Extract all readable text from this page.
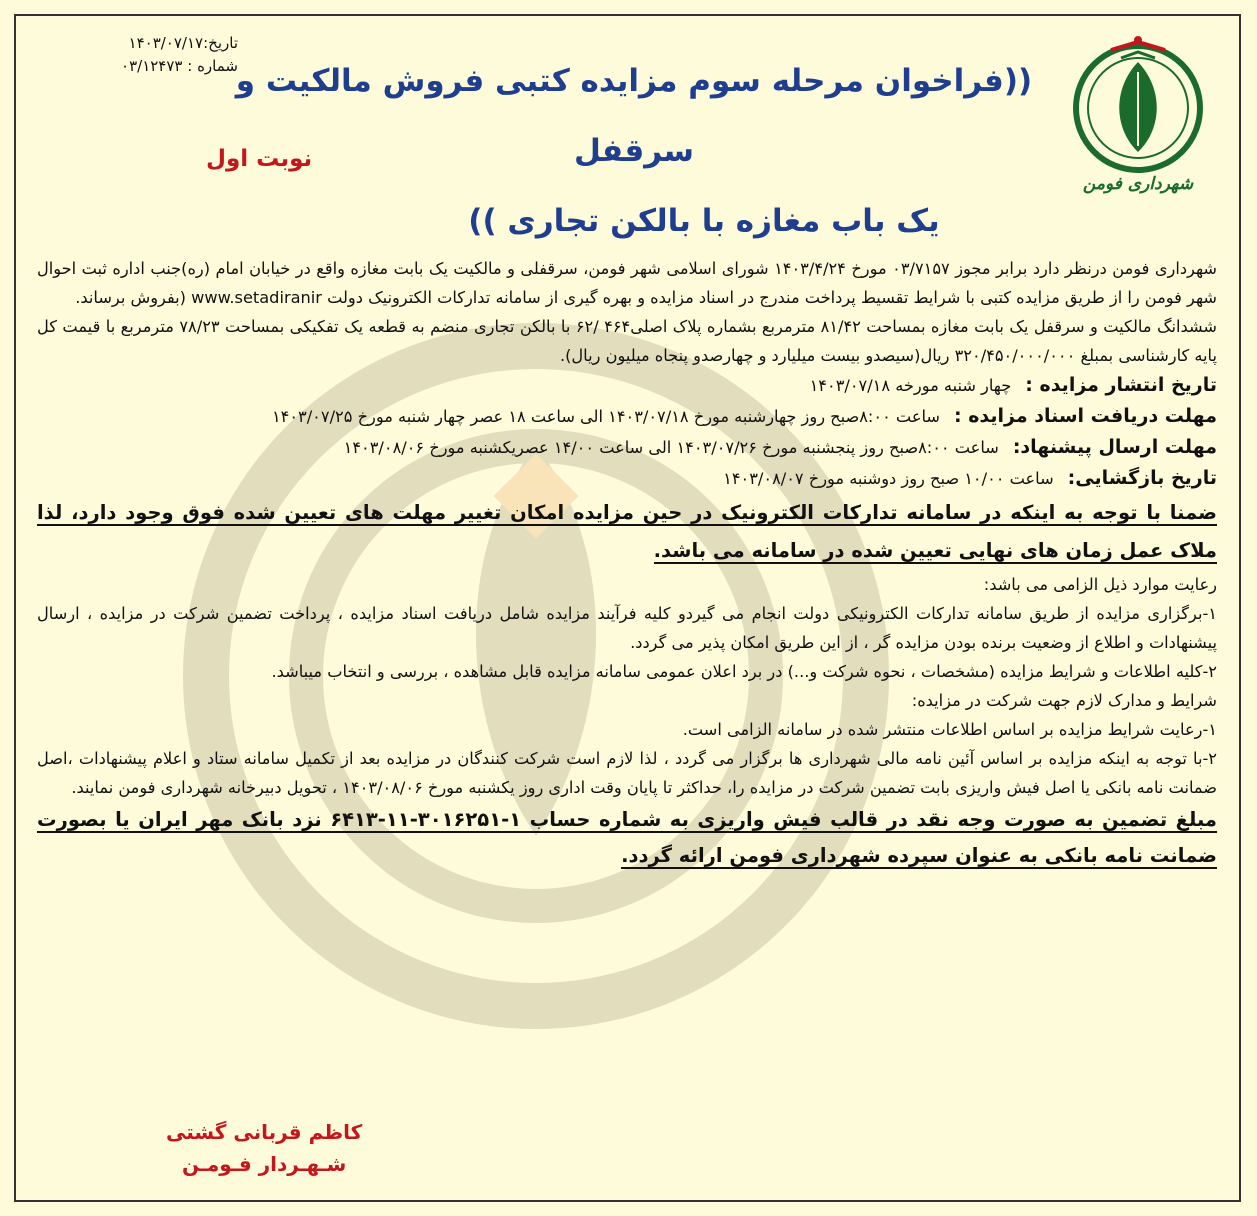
شهرداری فومن
تاریخ:۱۴۰۳/۰۷/۱۷
شماره : ۰۳/۱۲۴۷۳
((فراخوان مرحله سوم مزایده کتبی فروش مالکیت و سرقفل
یک باب مغازه با بالکن تجاری ))
نوبت اول

شهرداری فومن درنظر دارد برابر مجوز ۰۳/۷۱۵۷ مورخ ۱۴۰۳/۴/۲۴ شورای اسلامی شهر فومن، سرقفلی و مالکیت یک بابت مغازه واقع در خیابان امام (ره)جنب اداره ثبت احوال شهر فومن را از طریق مزایده کتبی با شرایط تقسیط پرداخت مندرج در اسناد مزایده و بهره گیری از سامانه تدارکات الکترونیک دولت www.setadiranir (بفروش برساند.

ششدانگ مالکیت و سرقفل یک بابت مغازه بمساحت ۸۱/۴۲ مترمربع بشماره پلاک اصلی۴۶۴ /۶۲ با بالکن تجاری منضم به قطعه یک تفکیکی بمساحت ۷۸/۲۳ مترمربع با قیمت کل پایه کارشناسی بمبلغ ۳۲۰/۴۵۰/۰۰۰/۰۰۰ ریال(سیصدو بیست میلیارد و چهارصدو پنجاه میلیون ریال).

تاریخ انتشار مزایده :
چهار شنبه مورخه ۱۴۰۳/۰۷/۱۸
مهلت دریافت اسناد مزایده :
ساعت ۸:۰۰صبح روز چهارشنبه مورخ ۱۴۰۳/۰۷/۱۸ الی ساعت ۱۸ عصر چهار شنبه مورخ ۱۴۰۳/۰۷/۲۵
مهلت ارسال پیشنهاد:
ساعت ۸:۰۰صبح روز پنجشنبه مورخ ۱۴۰۳/۰۷/۲۶ الی ساعت ۱۴/۰۰ عصریکشنبه مورخ ۱۴۰۳/۰۸/۰۶
تاریخ بازگشایی:
ساعت ۱۰/۰۰ صبح روز دوشنبه مورخ ۱۴۰۳/۰۸/۰۷

ضمنا با توجه به اینکه در سامانه تدارکات الکترونیک در حین مزایده امکان تغییر مهلت های تعیین شده فوق وجود دارد، لذا ملاک عمل زمان های نهایی تعیین شده در سامانه می باشد.

رعایت موارد ذیل الزامی می باشد:

۱-برگزاری مزایده از طریق سامانه تدارکات الکترونیکی دولت انجام می گیردو کلیه فرآیند مزایده شامل دریافت اسناد مزایده ، پرداخت تضمین شرکت در مزایده ، ارسال پیشنهادات و اطلاع از وضعیت برنده بودن مزایده گر ، از این طریق امکان پذیر می گردد.

۲-کلیه اطلاعات و شرایط مزایده (مشخصات ، نحوه شرکت و...) در برد اعلان عمومی سامانه مزایده قابل مشاهده ، بررسی و انتخاب میباشد.

شرایط و مدارک لازم جهت شرکت در مزایده:

۱-رعایت شرایط مزایده بر اساس اطلاعات منتشر شده در سامانه الزامی است.

۲-با توجه به اینکه مزایده بر اساس آئین نامه مالی شهرداری ها برگزار می گردد ، لذا لازم است شرکت کنندگان در مزایده بعد از تکمیل سامانه ستاد و اعلام پیشنهادات ،اصل ضمانت نامه بانکی یا اصل فیش واریزی بابت تضمین شرکت در مزایده را، حداکثر تا پایان وقت اداری روز یکشنبه مورخ ۱۴۰۳/۰۸/۰۶ ، تحویل دبیرخانه شهرداری فومن نمایند.

مبلغ تضمین به صورت وجه نقد در قالب فیش واریزی به شماره حساب ۱-۳۰۱۶۲۵۱-۱۱-۶۴۱۳ نزد بانک مهر ایران یا بصورت ضمانت نامه بانکی به عنوان سپرده شهرداری فومن ارائه گردد.

کاظم قربانی گشتی
شـهـردار فـومـن
